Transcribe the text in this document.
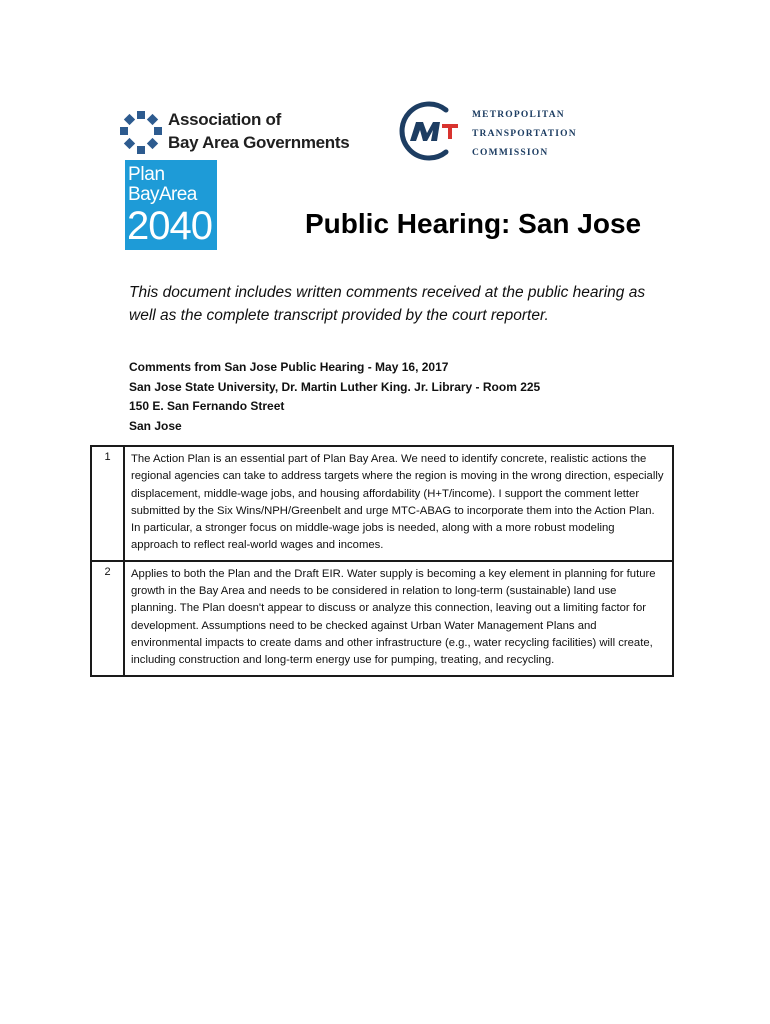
Association of
Bay Area Governments
METROPOLITAN
TRANSPORTATION
COMMISSION
Plan
BayArea
2040	Public Hearing: San Jose
This document includes written comments received at the public hearing as well as the complete transcript provided by the court reporter.
Comments from San Jose Public Hearing - May 16, 2017
San Jose State University, Dr. Martin Luther King. Jr. Library - Room 225
150 E. San Fernando Street
San Jose
1	The Action Plan is an essential part of Plan Bay Area. We need to identify concrete, realistic actions the regional agencies can take to address targets where the region is moving in the wrong direction, especially displacement, middle-wage jobs, and housing affordability (H+T/income). I support the comment letter submitted by the Six Wins/NPH/Greenbelt and urge MTC-ABAG to incorporate them into the Action Plan. In particular, a stronger focus on middle-wage jobs is needed, along with a more robust modeling approach to reflect real-world wages and incomes.
2	Applies to both the Plan and the Draft EIR. Water supply is becoming a key element in planning for future growth in the Bay Area and needs to be considered in relation to long-term (sustainable) land use planning. The Plan doesn't appear to discuss or analyze this connection, leaving out a limiting factor for development. Assumptions need to be checked against Urban Water Management Plans and environmental impacts to create dams and other infrastructure (e.g., water recycling facilities) will create, including construction and long-term energy use for pumping, treating, and recycling.
